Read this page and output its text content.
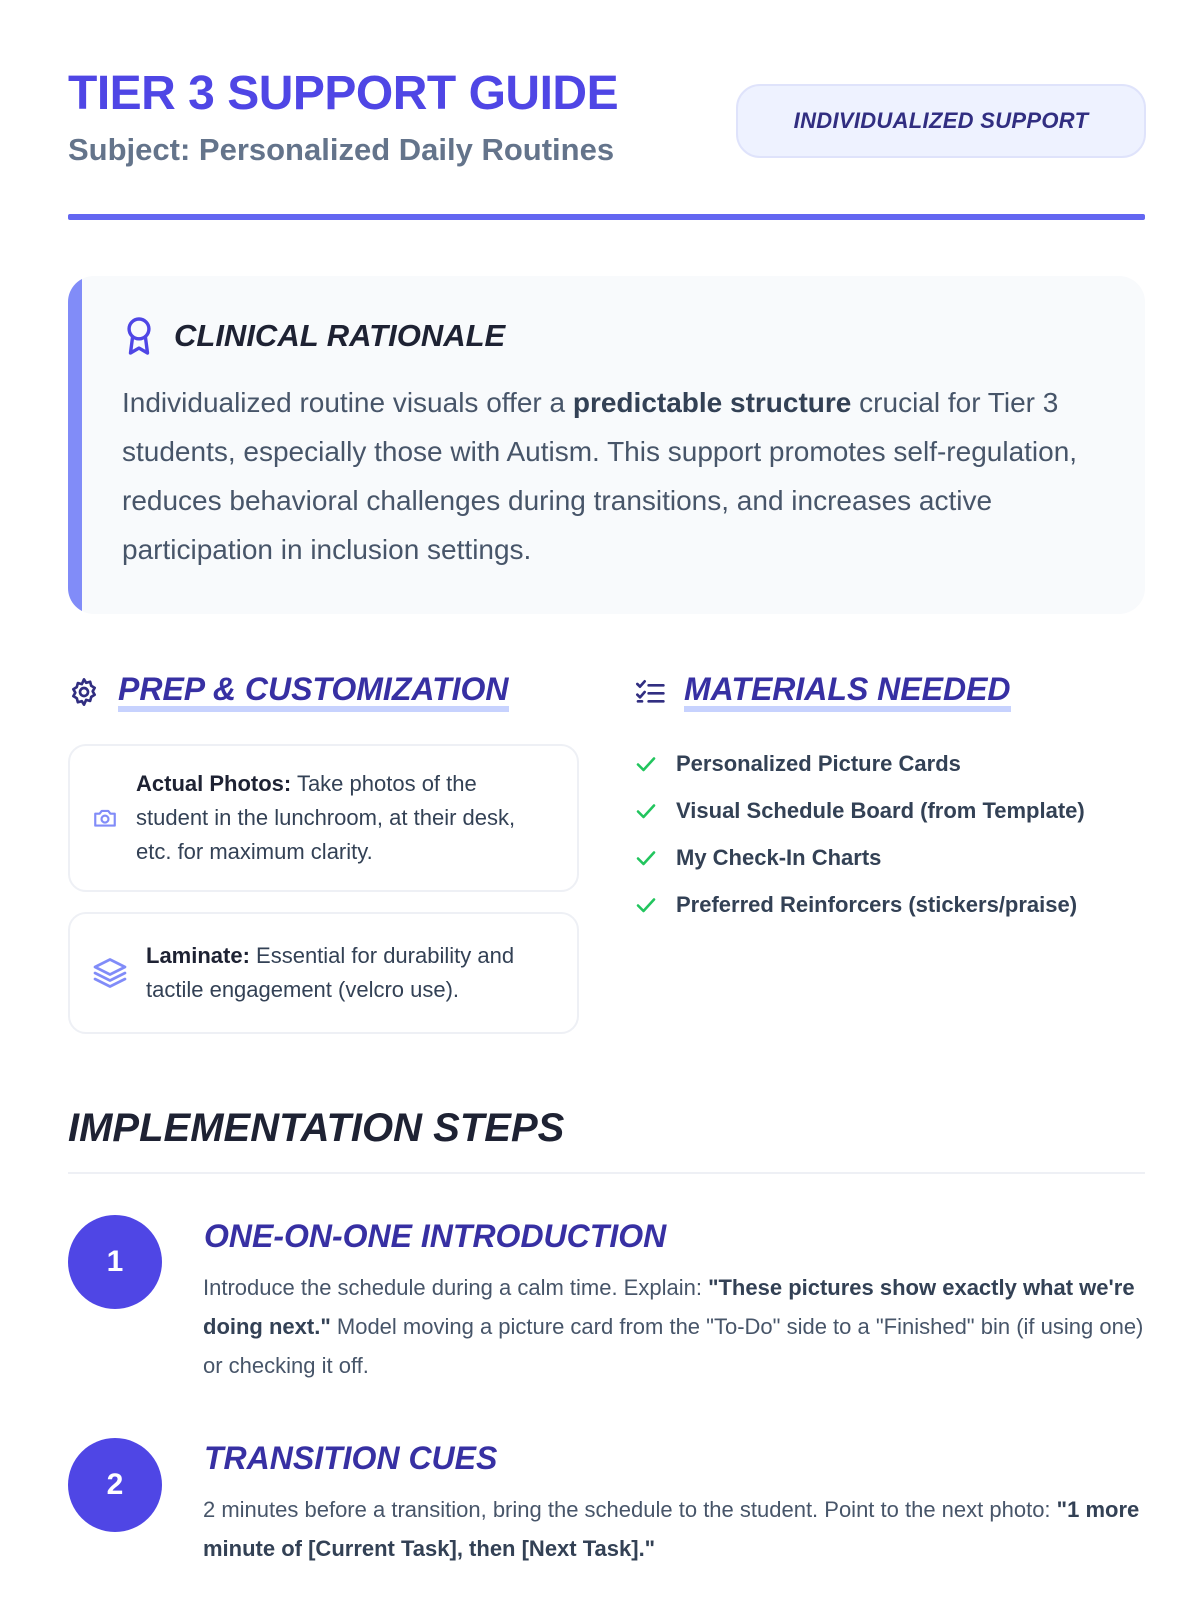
TIER 3 SUPPORT GUIDE
Subject: Personalized Daily Routines
INDIVIDUALIZED SUPPORT
CLINICAL RATIONALE

Individualized routine visuals offer a predictable structure crucial for Tier 3 students, especially those with Autism. This support promotes self-regulation, reduces behavioral challenges during transitions, and increases active participation in inclusion settings.

PREP & CUSTOMIZATION

Actual Photos: Take photos of the student in the lunchroom, at their desk, etc. for maximum clarity.

Laminate: Essential for durability and tactile engagement (velcro use).

MATERIALS NEEDED
Personalized Picture Cards
Visual Schedule Board (from Template)
My Check-In Charts
Preferred Reinforcers (stickers/praise)
IMPLEMENTATION STEPS
1
ONE-ON-ONE INTRODUCTION

Introduce the schedule during a calm time. Explain: "These pictures show exactly what we're doing next." Model moving a picture card from the "To-Do" side to a "Finished" bin (if using one) or checking it off.

2
TRANSITION CUES

2 minutes before a transition, bring the schedule to the student. Point to the next photo: "1 more minute of [Current Task], then [Next Task]."
